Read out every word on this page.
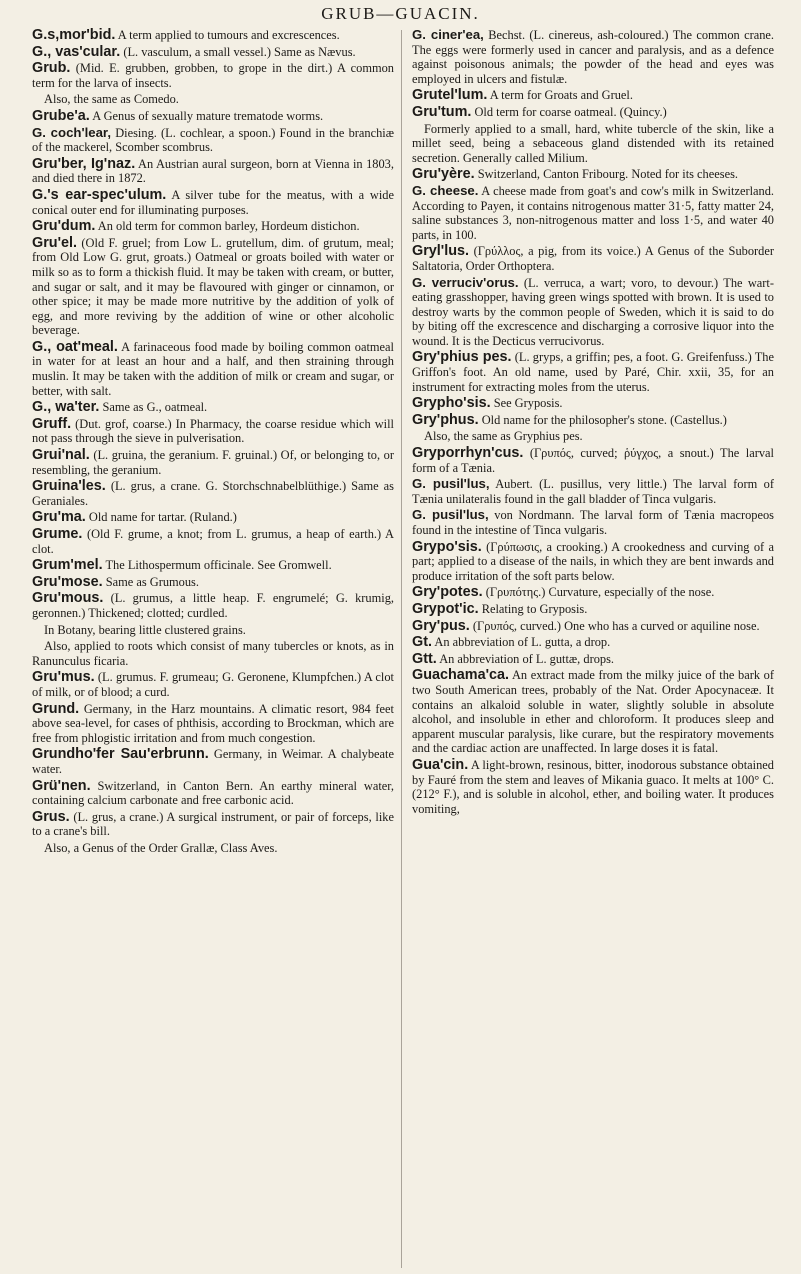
GRUB—GUACIN.

G.s,mor'bid. A term applied to tumours and excrescences.

G., vas'cular. (L. vasculum, a small vessel.) Same as Nævus.

Grub. (Mid. E. grubben, grobben, to grope in the dirt.) A common term for the larva of insects.

Also, the same as Comedo.

Grube'a. A Genus of sexually mature trematode worms.

G. coch'lear, Diesing. (L. cochlear, a spoon.) Found in the branchiæ of the mackerel, Scomber scombrus.

Gru'ber, Ig'naz. An Austrian aural surgeon, born at Vienna in 1803, and died there in 1872.

G.'s ear-spec'ulum. A silver tube for the meatus, with a wide conical outer end for illuminating purposes.

Gru'dum. An old term for common barley, Hordeum distichon.

Gru'el. (Old F. gruel; from Low L. grutellum, dim. of grutum, meal; from Old Low G. grut, groats.) Oatmeal or groats boiled with water or milk so as to form a thickish fluid. It may be taken with cream, or butter, and sugar or salt, and it may be flavoured with ginger or cinnamon, or other spice; it may be made more nutritive by the addition of yolk of egg, and more reviving by the addition of wine or other alcoholic beverage.

G., oat'meal. A farinaceous food made by boiling common oatmeal in water for at least an hour and a half, and then straining through muslin. It may be taken with the addition of milk or cream and sugar, or better, with salt.

G., wa'ter. Same as G., oatmeal.

Gruff. (Dut. grof, coarse.) In Pharmacy, the coarse residue which will not pass through the sieve in pulverisation.

Grui'nal. (L. gruina, the geranium. F. gruinal.) Of, or belonging to, or resembling, the geranium.

Gruina'les. (L. grus, a crane. G. Storchschnabelblüthige.) Same as Geraniales.

Gru'ma. Old name for tartar. (Ruland.)

Grume. (Old F. grume, a knot; from L. grumus, a heap of earth.) A clot.

Grum'mel. The Lithospermum officinale. See Gromwell.

Gru'mose. Same as Grumous.

Gru'mous. (L. grumus, a little heap. F. engrumelé; G. krumig, geronnen.) Thickened; clotted; curdled.

In Botany, bearing little clustered grains.

Also, applied to roots which consist of many tubercles or knots, as in Ranunculus ficaria.

Gru'mus. (L. grumus. F. grumeau; G. Geronene, Klumpfchen.) A clot of milk, or of blood; a curd.

Grund. Germany, in the Harz mountains. A climatic resort, 984 feet above sea-level, for cases of phthisis, according to Brockman, which are free from phlogistic irritation and from much congestion.

Grundho'fer Sau'erbrunn. Germany, in Weimar. A chalybeate water.

Grü'nen. Switzerland, in Canton Bern. An earthy mineral water, containing calcium carbonate and free carbonic acid.

Grus. (L. grus, a crane.) A surgical instrument, or pair of forceps, like to a crane's bill.

Also, a Genus of the Order Grallæ, Class Aves.

G. ciner'ea, Bechst. (L. cinereus, ash-coloured.) The common crane. The eggs were formerly used in cancer and paralysis, and as a defence against poisonous animals; the powder of the head and eyes was employed in ulcers and fistulæ.

Grutel'lum. A term for Groats and Gruel.

Gru'tum. Old term for coarse oatmeal. (Quincy.)

Formerly applied to a small, hard, white tubercle of the skin, like a millet seed, being a sebaceous gland distended with its retained secretion. Generally called Milium.

Gru'yère. Switzerland, Canton Fribourg. Noted for its cheeses.

G. cheese. A cheese made from goat's and cow's milk in Switzerland. According to Payen, it contains nitrogenous matter 31·5, fatty matter 24, saline substances 3, non-nitrogenous matter and loss 1·5, and water 40 parts, in 100.

Gryl'lus. (Γρύλλος, a pig, from its voice.) A Genus of the Suborder Saltatoria, Order Orthoptera.

G. verruciv'orus. (L. verruca, a wart; voro, to devour.) The wart-eating grasshopper, having green wings spotted with brown. It is used to destroy warts by the common people of Sweden, which it is said to do by biting off the excrescence and discharging a corrosive liquor into the wound. It is the Decticus verrucivorus.

Gry'phius pes. (L. gryps, a griffin; pes, a foot. G. Greifenfuss.) The Griffon's foot. An old name, used by Paré, Chir. xxii, 35, for an instrument for extracting moles from the uterus.

Grypho'sis. See Gryposis.

Gry'phus. Old name for the philosopher's stone. (Castellus.)

Also, the same as Gryphius pes.

Gryporrhyn'cus. (Γρυπός, curved; ῥύγχος, a snout.) The larval form of a Tænia.

G. pusil'lus, Aubert. (L. pusillus, very little.) The larval form of Tænia unilateralis found in the gall bladder of Tinca vulgaris.

G. pusil'lus, von Nordmann. The larval form of Tænia macropeos found in the intestine of Tinca vulgaris.

Grypo'sis. (Γρύπωσις, a crooking.) A crookedness and curving of a part; applied to a disease of the nails, in which they are bent inwards and produce irritation of the soft parts below.

Gry'potes. (Γρυπότης.) Curvature, especially of the nose.

Grypot'ic. Relating to Gryposis.

Gry'pus. (Γρυπός, curved.) One who has a curved or aquiline nose.

Gt. An abbreviation of L. gutta, a drop.

Gtt. An abbreviation of L. guttæ, drops.

Guachama'ca. An extract made from the milky juice of the bark of two South American trees, probably of the Nat. Order Apocynaceæ. It contains an alkaloid soluble in water, slightly soluble in absolute alcohol, and insoluble in ether and chloroform. It produces sleep and apparent muscular paralysis, like curare, but the respiratory movements and the cardiac action are unaffected. In large doses it is fatal.

Gua'cin. A light-brown, resinous, bitter, inodorous substance obtained by Fauré from the stem and leaves of Mikania guaco. It melts at 100° C. (212° F.), and is soluble in alcohol, ether, and boiling water. It produces vomiting,
